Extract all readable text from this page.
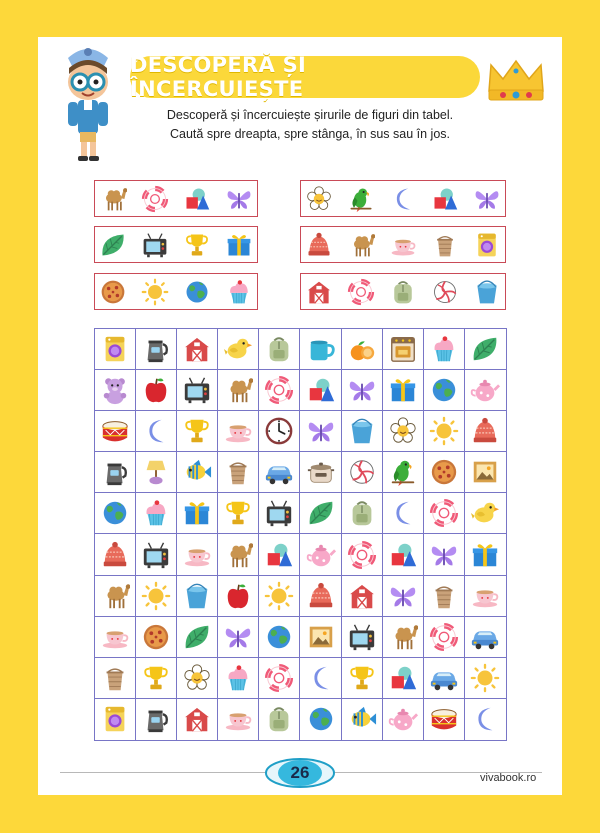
DESCOPERĂ ȘI ÎNCERCUIEȘTE
Descoperă și încercuiește șirurile de figuri din tabel.
Caută spre dreapta, spre stânga, în sus sau în jos.
26	vivabook.ro
